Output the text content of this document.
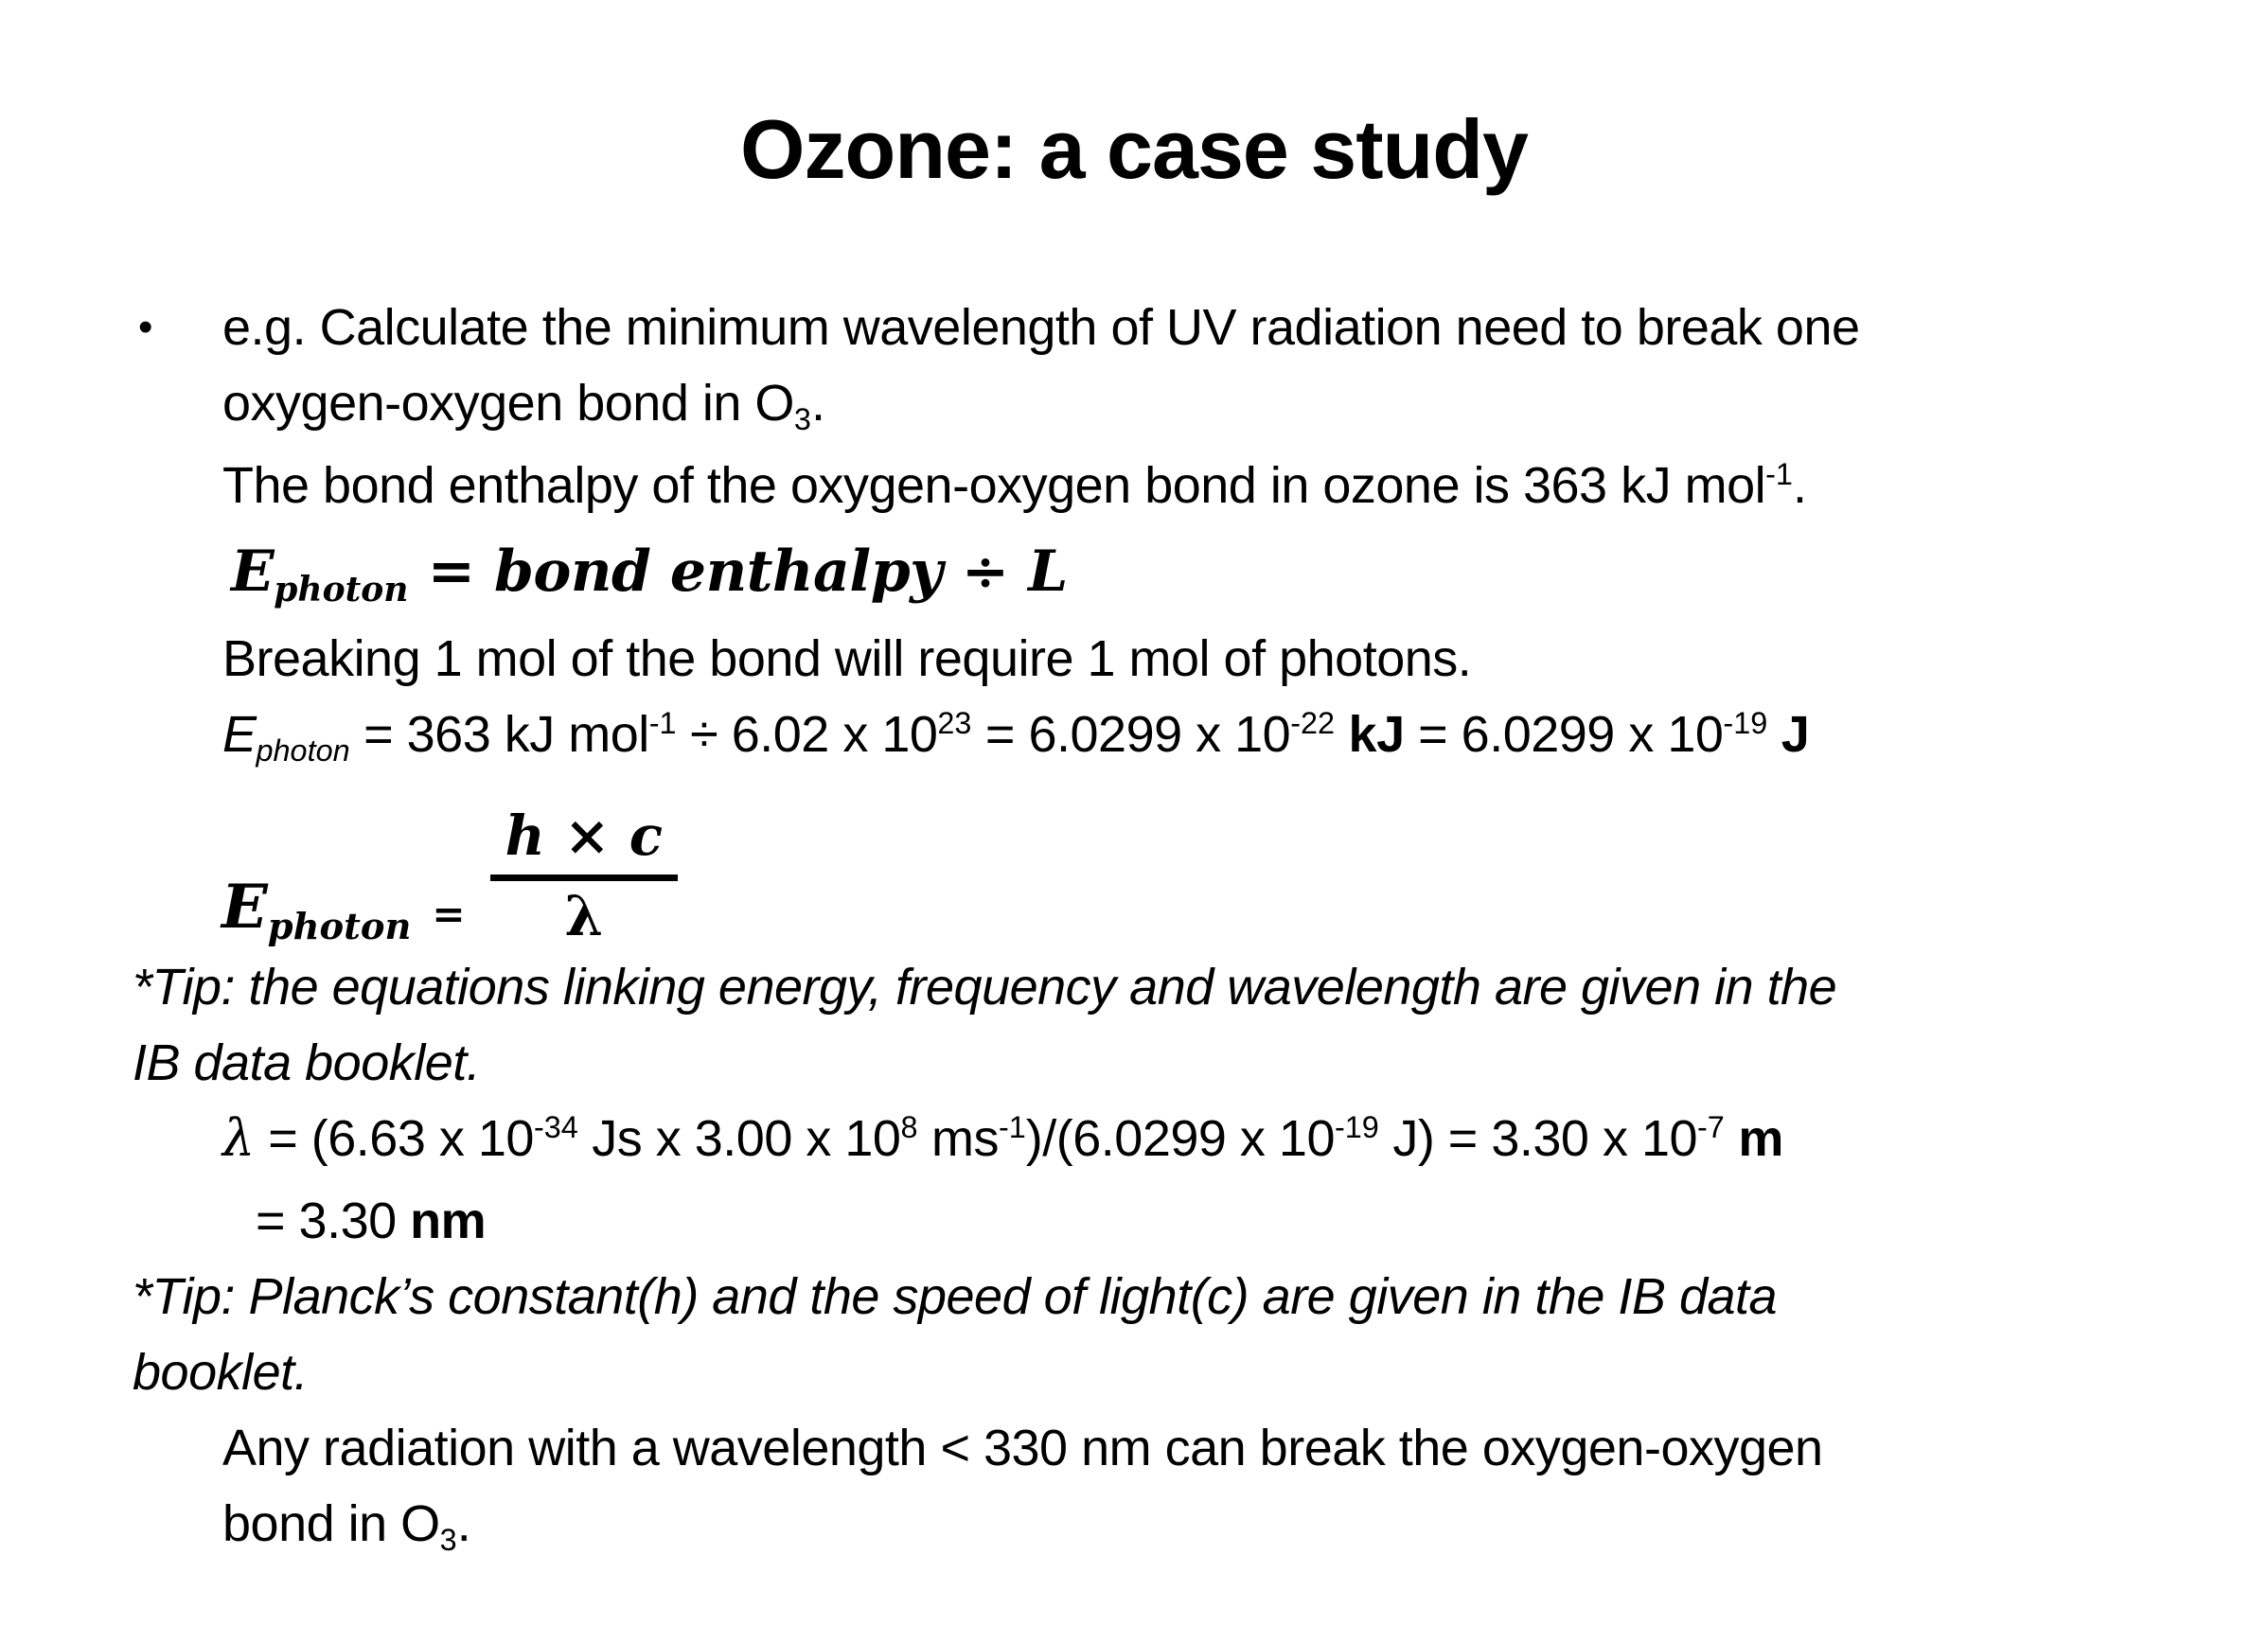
Ozone: a case study
• e.g. Calculate the minimum wavelength of UV radiation need to break one
oxygen-oxygen bond in O3.
The bond enthalpy of the oxygen-oxygen bond in ozone is 363 kJ mol$^{-1}$.
Ephoton = bond enthalpy ÷ L
Breaking 1 mol of the bond will require 1 mol of photons.
Ephoton = 363 kJ mol$^{-1}$ ÷ 6.02 x $10^{23} = 6.0299$ x $10^{-22}$ kJ = 6.0299 x $10^{-19}$ J
Ephoton = $\frac{h \times c}{\lambda}$
*Tip: the equations linking energy, frequency and wavelength are given in the
IB data booklet.
λ = (6.63 x $10^{-34}$ Js x 3.00 x $10^8$ $ms^{-1})/(6.0299$ x $10^{-19}$ J) = 3.30 x $10^{-7}$ m
= 3.30 nm
*Tip: Planck’s constant(h) and the speed of light(c) are given in the IB data
booklet.
Any radiation with a wavelength < 330 nm can break the oxygen-oxygen
bond in O3.
